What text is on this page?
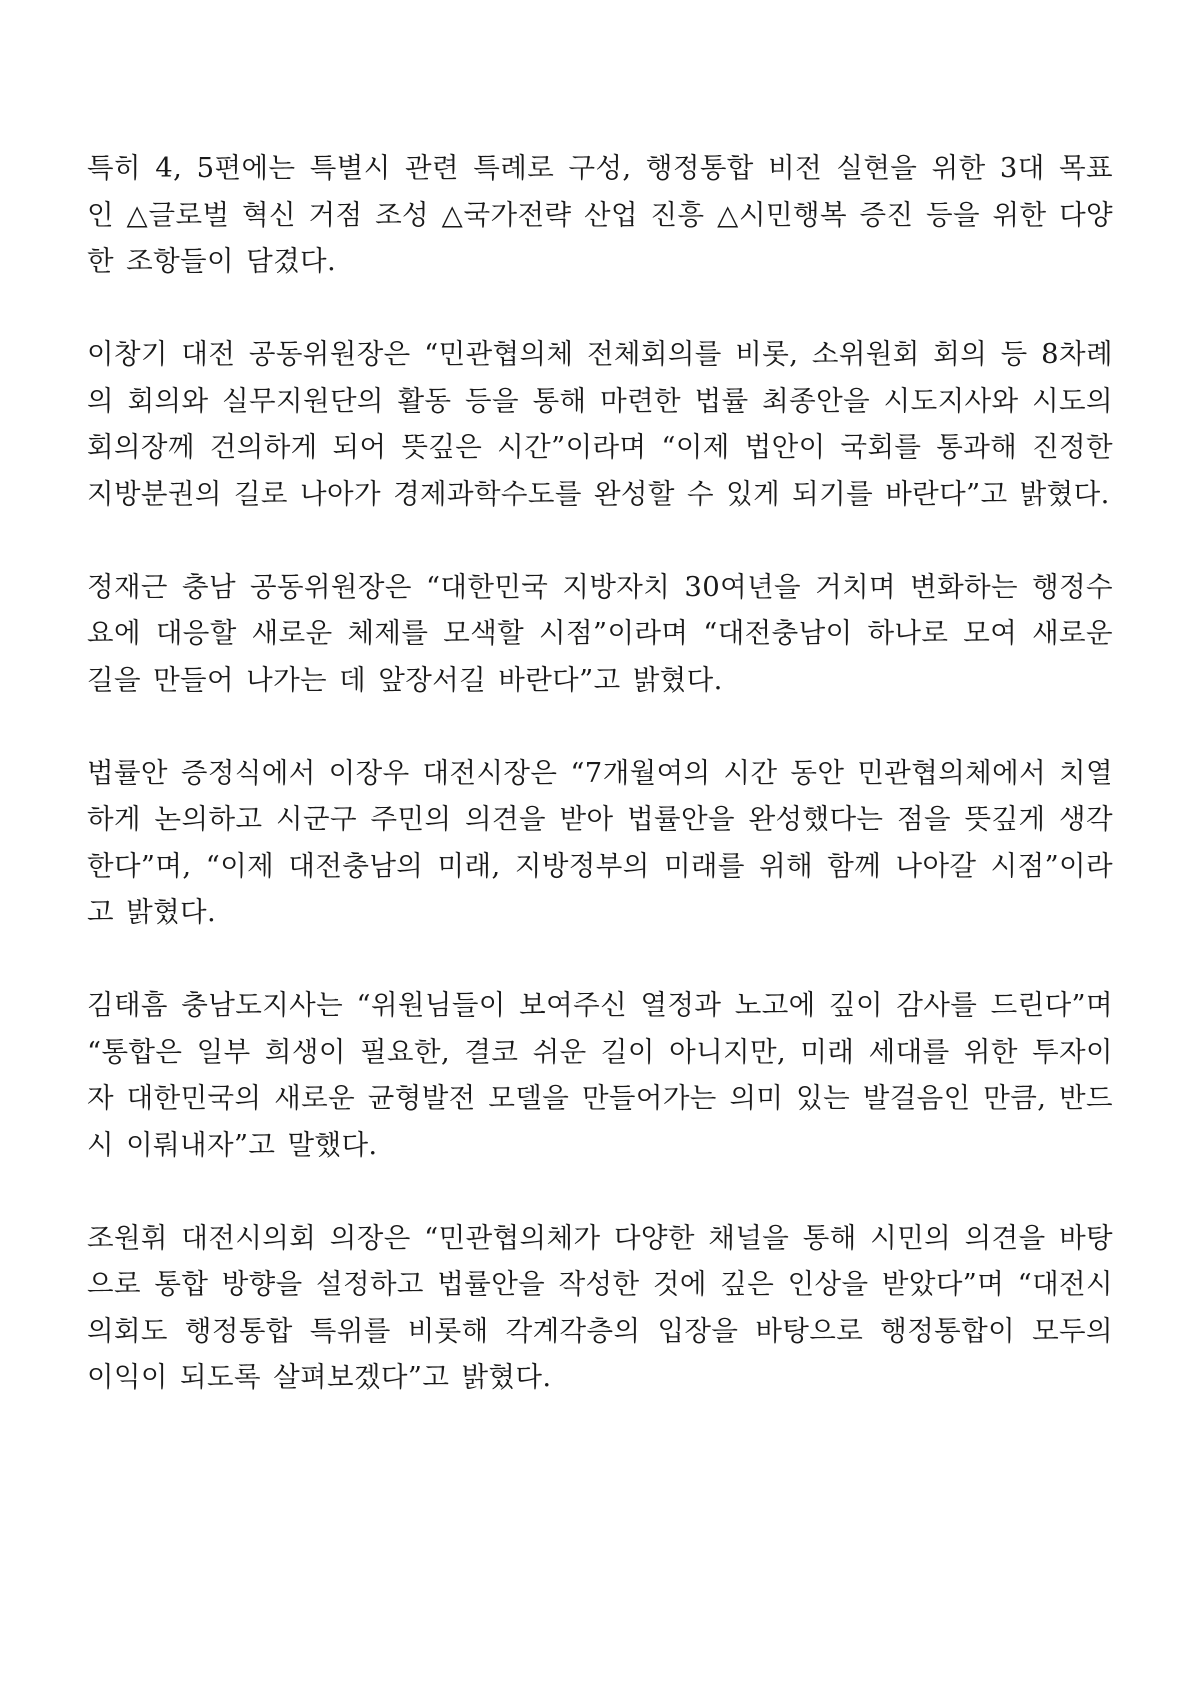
특히 4, 5편에는 특별시 관련 특례로 구성, 행정통합 비전 실현을 위한 3대 목표인 △글로벌 혁신 거점 조성 △국가전략 산업 진흥 △시민행복 증진 등을 위한 다양한 조항들이 담겼다.

이창기 대전 공동위원장은 “민관협의체 전체회의를 비롯, 소위원회 회의 등 8차례의 회의와 실무지원단의 활동 등을 통해 마련한 법률 최종안을 시도지사와 시도의회의장께 건의하게 되어 뜻깊은 시간”이라며 “이제 법안이 국회를 통과해 진정한 지방분권의 길로 나아가 경제과학수도를 완성할 수 있게 되기를 바란다”고 밝혔다.

정재근 충남 공동위원장은 “대한민국 지방자치 30여년을 거치며 변화하는 행정수요에 대응할 새로운 체제를 모색할 시점”이라며 “대전충남이 하나로 모여 새로운 길을 만들어 나가는 데 앞장서길 바란다”고 밝혔다.

법률안 증정식에서 이장우 대전시장은 “7개월여의 시간 동안 민관협의체에서 치열하게 논의하고 시군구 주민의 의견을 받아 법률안을 완성했다는 점을 뜻깊게 생각한다”며, “이제 대전충남의 미래, 지방정부의 미래를 위해 함께 나아갈 시점”이라고 밝혔다.

김태흠 충남도지사는 “위원님들이 보여주신 열정과 노고에 깊이 감사를 드린다”며 “통합은 일부 희생이 필요한, 결코 쉬운 길이 아니지만, 미래 세대를 위한 투자이자 대한민국의 새로운 균형발전 모델을 만들어가는 의미 있는 발걸음인 만큼, 반드시 이뤄내자”고 말했다.

조원휘 대전시의회 의장은 “민관협의체가 다양한 채널을 통해 시민의 의견을 바탕으로 통합 방향을 설정하고 법률안을 작성한 것에 깊은 인상을 받았다”며 “대전시의회도 행정통합 특위를 비롯해 각계각층의 입장을 바탕으로 행정통합이 모두의 이익이 되도록 살펴보겠다”고 밝혔다.
